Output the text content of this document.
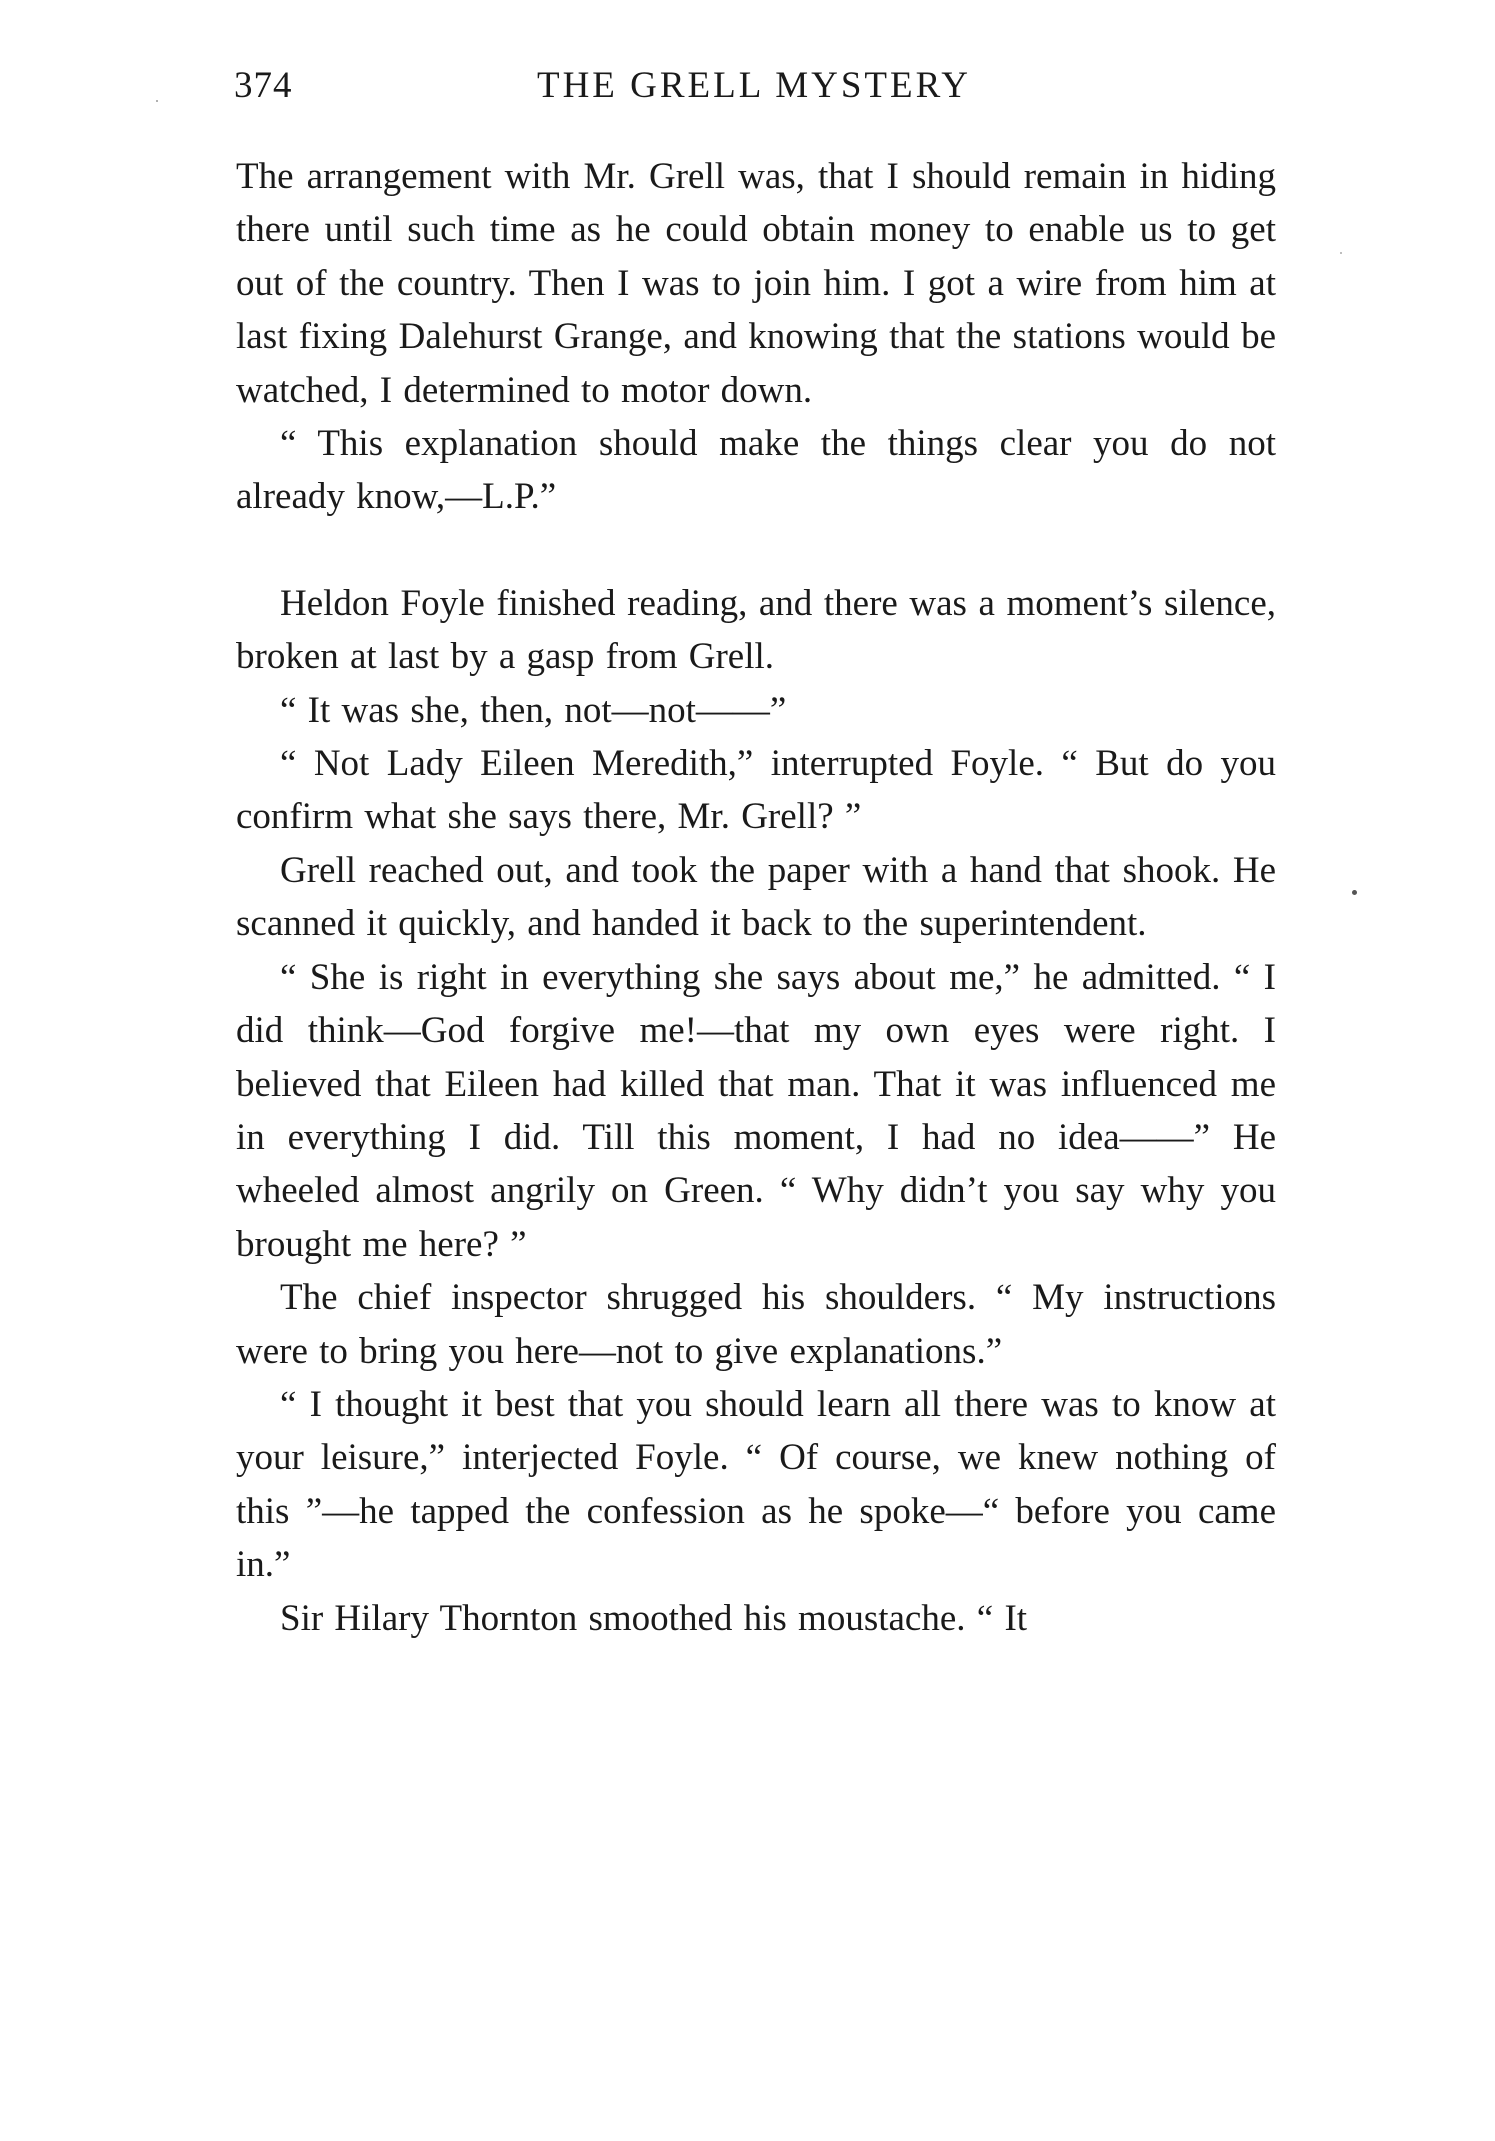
374	THE GRELL MYSTERY

The arrangement with Mr. Grell was, that I should remain in hiding there until such time as he could obtain money to enable us to get out of the country. Then I was to join him. I got a wire from him at last fixing Dalehurst Grange, and knowing that the stations would be watched, I determined to motor down.

“ This explanation should make the things clear you do not already know,—L.P.”

Heldon Foyle finished reading, and there was a moment’s silence, broken at last by a gasp from Grell.

“ It was she, then, not—not——”

“ Not Lady Eileen Meredith,” interrupted Foyle. “ But do you confirm what she says there, Mr. Grell? ”

Grell reached out, and took the paper with a hand that shook. He scanned it quickly, and handed it back to the superintendent.

“ She is right in everything she says about me,” he admitted. “ I did think—God forgive me!—that my own eyes were right. I believed that Eileen had killed that man. That it was influenced me in everything I did. Till this moment, I had no idea——” He wheeled almost angrily on Green. “ Why didn’t you say why you brought me here? ”

The chief inspector shrugged his shoulders. “ My instructions were to bring you here—not to give explanations.”

“ I thought it best that you should learn all there was to know at your leisure,” interjected Foyle. “ Of course, we knew nothing of this ”—he tapped the confession as he spoke—“ before you came in.”

Sir Hilary Thornton smoothed his moustache. “ It
